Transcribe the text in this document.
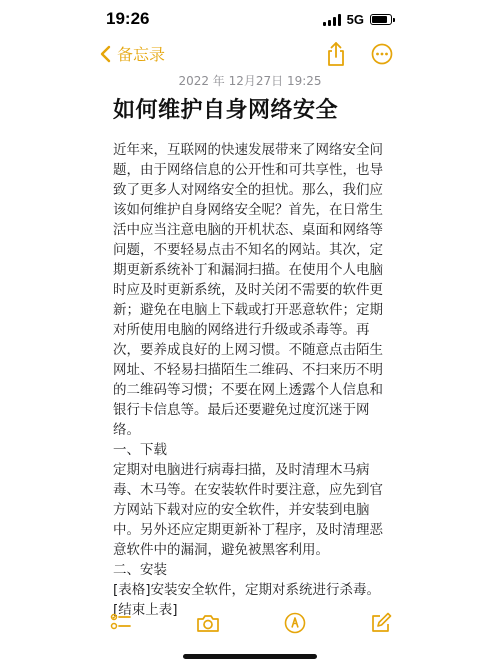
19:26	5G
备忘录
2022 年 12月27日 19:25
如何维护自身网络安全

近年来，互联网的快速发展带来了网络安全问题，由于网络信息的公开性和可共享性，也导致了更多人对网络安全的担忧。那么，我们应该如何维护自身网络安全呢？首先，在日常生活中应当注意电脑的开机状态、桌面和网络等问题，不要轻易点击不知名的网站。其次，定期更新系统补丁和漏洞扫描。在使用个人电脑时应及时更新系统，及时关闭不需要的软件更新；避免在电脑上下载或打开恶意软件；定期对所使用电脑的网络进行升级或杀毒等。再次，要养成良好的上网习惯。不随意点击陌生网址、不轻易扫描陌生二维码、不扫来历不明的二维码等习惯；不要在网上透露个人信息和银行卡信息等。最后还要避免过度沉迷于网络。

一、下载

定期对电脑进行病毒扫描，及时清理木马病毒、木马等。在安装软件时要注意，应先到官方网站下载对应的安全软件，并安装到电脑中。另外还应定期更新补丁程序，及时清理恶意软件中的漏洞，避免被黑客利用。

二、安装

[表格]安装安全软件，定期对系统进行杀毒。[结束上表]
